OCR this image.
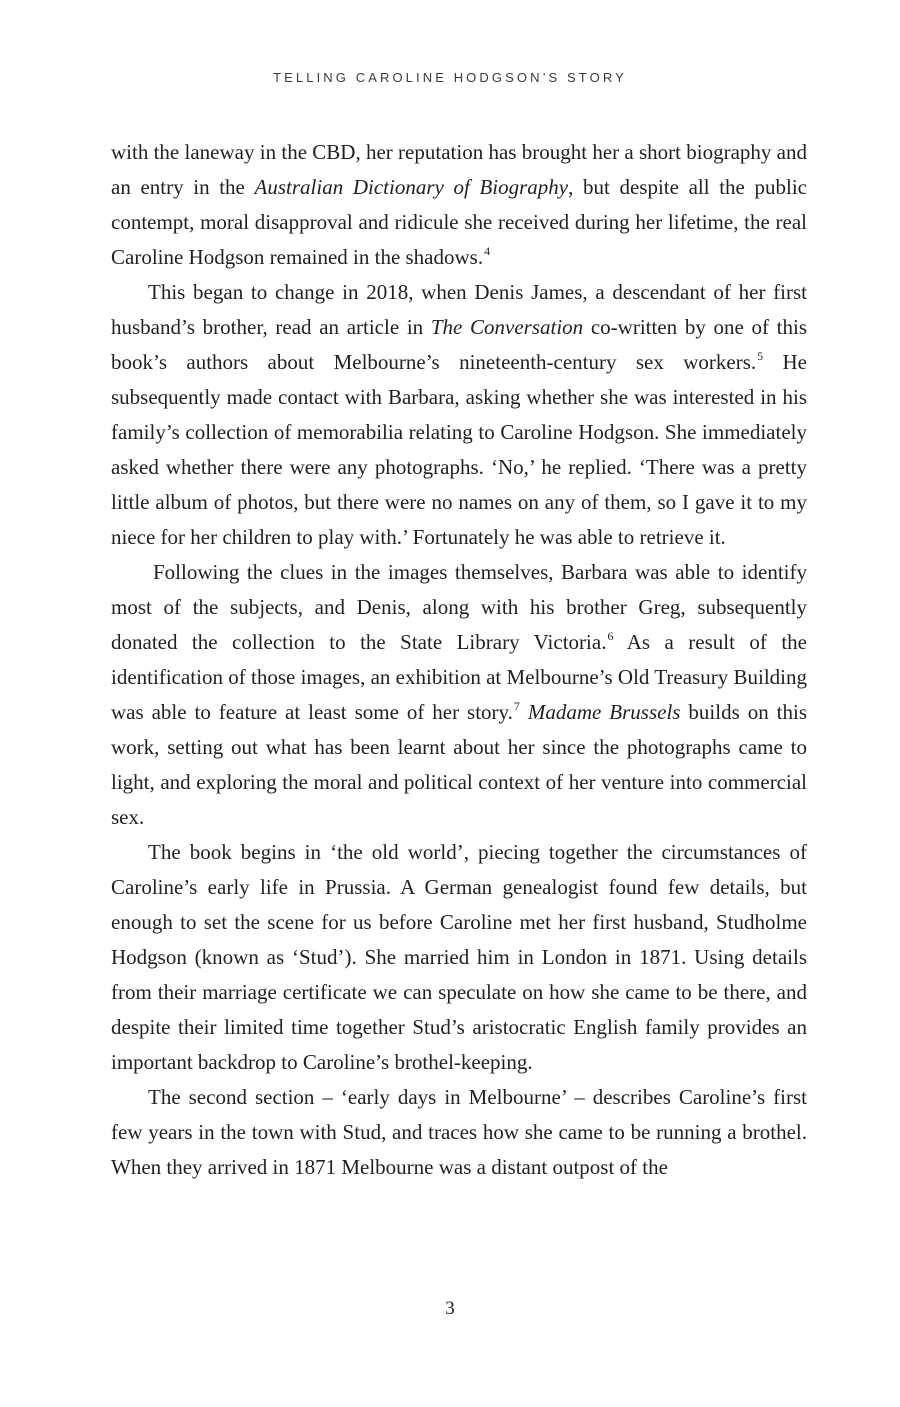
TELLING CAROLINE HODGSON’S STORY

with the laneway in the CBD, her reputation has brought her a short biography and an entry in the Australian Dictionary of Biography, but despite all the public contempt, moral disapproval and ridicule she received during her lifetime, the real Caroline Hodgson remained in the shadows.$^4$

This began to change in 2018, when Denis James, a descendant of her first husband’s brother, read an article in The Conversation co-written by one of this book’s authors about Melbourne’s nineteenth-century sex workers.$^5$ He subsequently made contact with Barbara, asking whether she was interested in his family’s collection of memorabilia relating to Caroline Hodgson. She immediately asked whether there were any photographs. ‘No,’ he replied. ‘There was a pretty little album of photos, but there were no names on any of them, so I gave it to my niece for her children to play with.’ Fortunately he was able to retrieve it.

Following the clues in the images themselves, Barbara was able to identify most of the subjects, and Denis, along with his brother Greg, subsequently donated the collection to the State Library Victoria.$^6$ As a result of the identification of those images, an exhibition at Melbourne’s Old Treasury Building was able to feature at least some of her story.$^7$ Madame Brussels builds on this work, setting out what has been learnt about her since the photographs came to light, and exploring the moral and political context of her venture into commercial sex.

The book begins in ‘the old world’, piecing together the circumstances of Caroline’s early life in Prussia. A German genealogist found few details, but enough to set the scene for us before Caroline met her first husband, Studholme Hodgson (known as ‘Stud’). She married him in London in 1871. Using details from their marriage certificate we can speculate on how she came to be there, and despite their limited time together Stud’s aristocratic English family provides an important backdrop to Caroline’s brothel-keeping.

The second section – ‘early days in Melbourne’ – describes Caroline’s first few years in the town with Stud, and traces how she came to be running a brothel. When they arrived in 1871 Melbourne was a distant outpost of the

3
